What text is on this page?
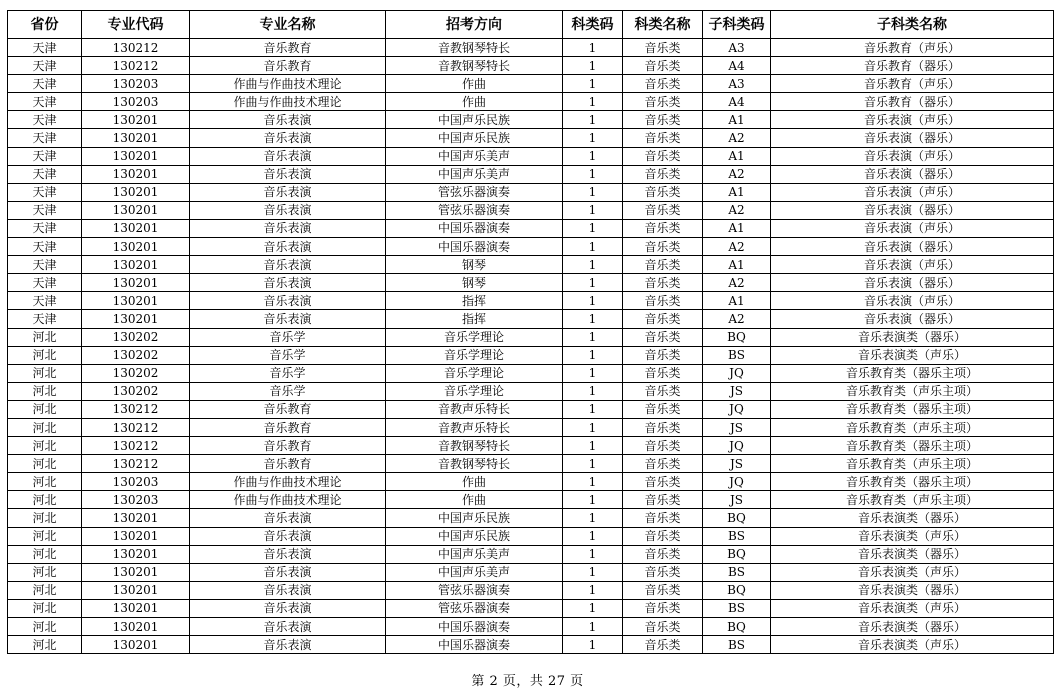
省份	专业代码	专业名称	招考方向	科类码	科类名称	子科类码	子科类名称
天津	130212	音乐教育	音教钢琴特长	1	音乐类	A3	音乐教育（声乐）
天津	130212	音乐教育	音教钢琴特长	1	音乐类	A4	音乐教育（器乐）
天津	130203	作曲与作曲技术理论	作曲	1	音乐类	A3	音乐教育（声乐）
天津	130203	作曲与作曲技术理论	作曲	1	音乐类	A4	音乐教育（器乐）
天津	130201	音乐表演	中国声乐民族	1	音乐类	A1	音乐表演（声乐）
天津	130201	音乐表演	中国声乐民族	1	音乐类	A2	音乐表演（器乐）
天津	130201	音乐表演	中国声乐美声	1	音乐类	A1	音乐表演（声乐）
天津	130201	音乐表演	中国声乐美声	1	音乐类	A2	音乐表演（器乐）
天津	130201	音乐表演	管弦乐器演奏	1	音乐类	A1	音乐表演（声乐）
天津	130201	音乐表演	管弦乐器演奏	1	音乐类	A2	音乐表演（器乐）
天津	130201	音乐表演	中国乐器演奏	1	音乐类	A1	音乐表演（声乐）
天津	130201	音乐表演	中国乐器演奏	1	音乐类	A2	音乐表演（器乐）
天津	130201	音乐表演	钢琴	1	音乐类	A1	音乐表演（声乐）
天津	130201	音乐表演	钢琴	1	音乐类	A2	音乐表演（器乐）
天津	130201	音乐表演	指挥	1	音乐类	A1	音乐表演（声乐）
天津	130201	音乐表演	指挥	1	音乐类	A2	音乐表演（器乐）
河北	130202	音乐学	音乐学理论	1	音乐类	BQ	音乐表演类（器乐）
河北	130202	音乐学	音乐学理论	1	音乐类	BS	音乐表演类（声乐）
河北	130202	音乐学	音乐学理论	1	音乐类	JQ	音乐教育类（器乐主项）
河北	130202	音乐学	音乐学理论	1	音乐类	JS	音乐教育类（声乐主项）
河北	130212	音乐教育	音教声乐特长	1	音乐类	JQ	音乐教育类（器乐主项）
河北	130212	音乐教育	音教声乐特长	1	音乐类	JS	音乐教育类（声乐主项）
河北	130212	音乐教育	音教钢琴特长	1	音乐类	JQ	音乐教育类（器乐主项）
河北	130212	音乐教育	音教钢琴特长	1	音乐类	JS	音乐教育类（声乐主项）
河北	130203	作曲与作曲技术理论	作曲	1	音乐类	JQ	音乐教育类（器乐主项）
河北	130203	作曲与作曲技术理论	作曲	1	音乐类	JS	音乐教育类（声乐主项）
河北	130201	音乐表演	中国声乐民族	1	音乐类	BQ	音乐表演类（器乐）
河北	130201	音乐表演	中国声乐民族	1	音乐类	BS	音乐表演类（声乐）
河北	130201	音乐表演	中国声乐美声	1	音乐类	BQ	音乐表演类（器乐）
河北	130201	音乐表演	中国声乐美声	1	音乐类	BS	音乐表演类（声乐）
河北	130201	音乐表演	管弦乐器演奏	1	音乐类	BQ	音乐表演类（器乐）
河北	130201	音乐表演	管弦乐器演奏	1	音乐类	BS	音乐表演类（声乐）
河北	130201	音乐表演	中国乐器演奏	1	音乐类	BQ	音乐表演类（器乐）
河北	130201	音乐表演	中国乐器演奏	1	音乐类	BS	音乐表演类（声乐）
第 2 页，共 27 页
